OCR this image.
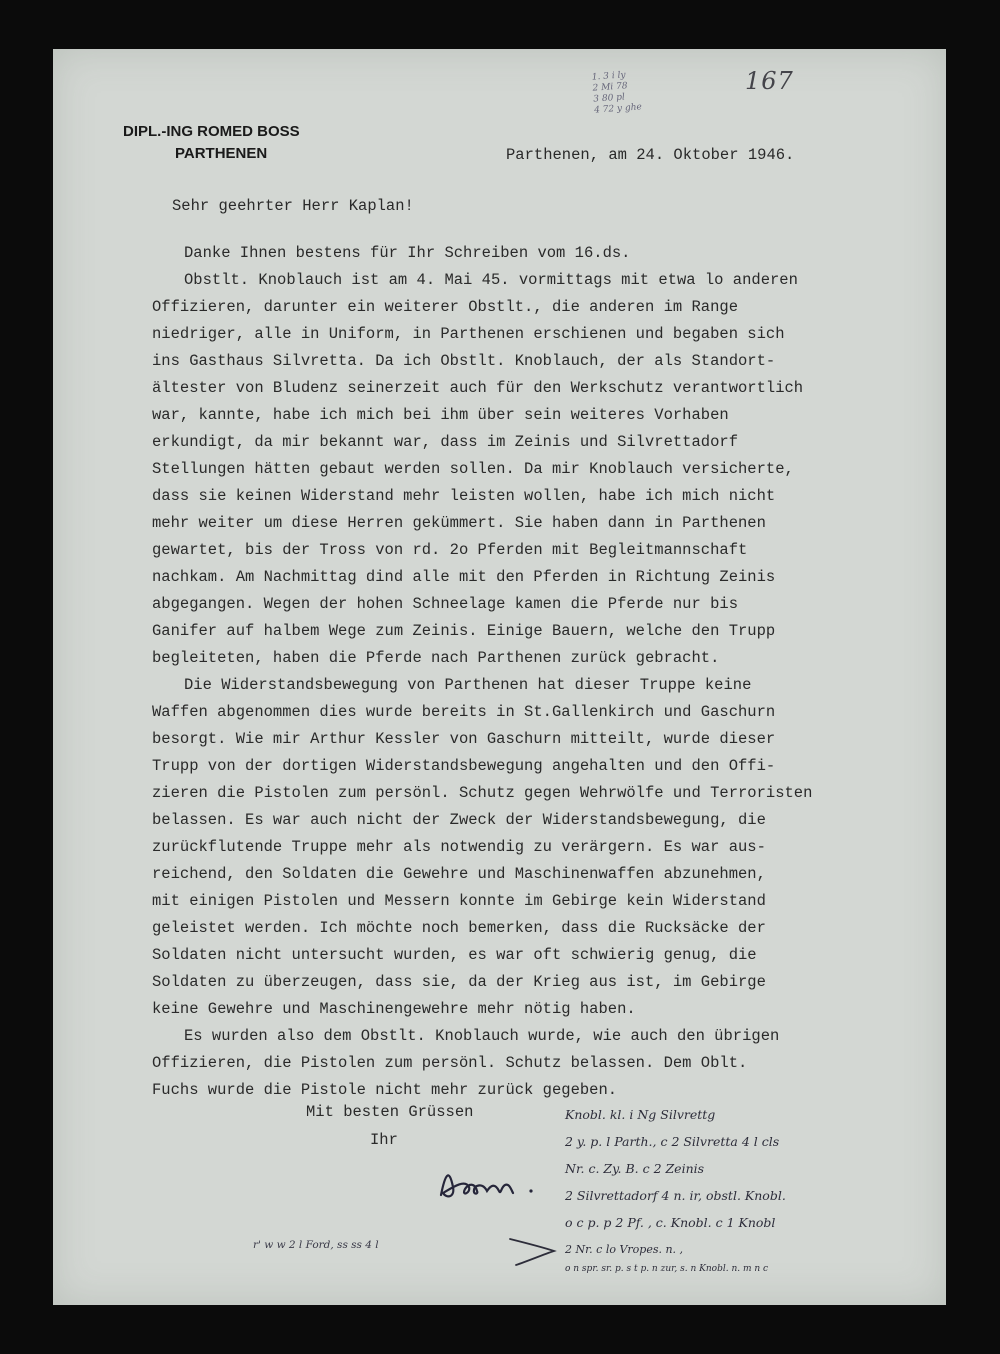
1. 3 i ly
2 Mi 78
3 80 pl
4 72 y ghe
167
DIPL.-ING ROMED BOSS
PARTHENEN	Parthenen, am 24. Oktober 1946.
Sehr geehrter Herr Kaplan!
Danke Ihnen bestens für Ihr Schreiben vom 16.ds.
Obstlt. Knoblauch ist am 4. Mai 45. vormittags mit etwa lo anderen
Offizieren, darunter ein weiterer Obstlt., die anderen im Range
niedriger, alle in Uniform, in Parthenen erschienen und begaben sich
ins Gasthaus Silvretta. Da ich Obstlt. Knoblauch, der als Standort-
ältester von Bludenz seinerzeit auch für den Werkschutz verantwortlich
war, kannte, habe ich mich bei ihm über sein weiteres Vorhaben
erkundigt, da mir bekannt war, dass im Zeinis und Silvrettadorf
Stellungen hätten gebaut werden sollen. Da mir Knoblauch versicherte,
dass sie keinen Widerstand mehr leisten wollen, habe ich mich nicht
mehr weiter um diese Herren gekümmert. Sie haben dann in Parthenen
gewartet, bis der Tross von rd. 2o Pferden mit Begleitmannschaft
nachkam. Am Nachmittag dind alle mit den Pferden in Richtung Zeinis
abgegangen. Wegen der hohen Schneelage kamen die Pferde nur bis
Ganifer auf halbem Wege zum Zeinis. Einige Bauern, welche den Trupp
begleiteten, haben die Pferde nach Parthenen zurück gebracht.
Die Widerstandsbewegung von Parthenen hat dieser Truppe keine
Waffen abgenommen dies wurde bereits in St.Gallenkirch und Gaschurn
besorgt. Wie mir Arthur Kessler von Gaschurn mitteilt, wurde dieser
Trupp von der dortigen Widerstandsbewegung angehalten und den Offi-
zieren die Pistolen zum persönl. Schutz gegen Wehrwölfe und Terroristen
belassen. Es war auch nicht der Zweck der Widerstandsbewegung, die
zurückflutende Truppe mehr als notwendig zu verärgern. Es war aus-
reichend, den Soldaten die Gewehre und Maschinenwaffen abzunehmen,
mit einigen Pistolen und Messern konnte im Gebirge kein Widerstand
geleistet werden. Ich möchte noch bemerken, dass die Rucksäcke der
Soldaten nicht untersucht wurden, es war oft schwierig genug, die
Soldaten zu überzeugen, dass sie, da der Krieg aus ist, im Gebirge
keine Gewehre und Maschinengewehre mehr nötig haben.
Es wurden also dem Obstlt. Knoblauch wurde, wie auch den übrigen
Offizieren, die Pistolen zum persönl. Schutz belassen. Dem Oblt.
Fuchs wurde die Pistole nicht mehr zurück gegeben.
Mit besten Grüssen
Ihr
Knobl. kl. i Ng Silvrettg
2 y. p. l Parth., c 2 Silvretta 4 l cls
Nr. c. Zy. B. c 2 Zeinis
2 Silvrettadorf 4 n. ir, obstl. Knobl.
o c p. p 2 Pf. , c. Knobl. c 1 Knobl
2 Nr. c lo Vropes. n. ,
o n spr. sr. p. s t p. n zur, s. n Knobl. n. m n c
r' w w 2 l Ford, ss ss 4 l
